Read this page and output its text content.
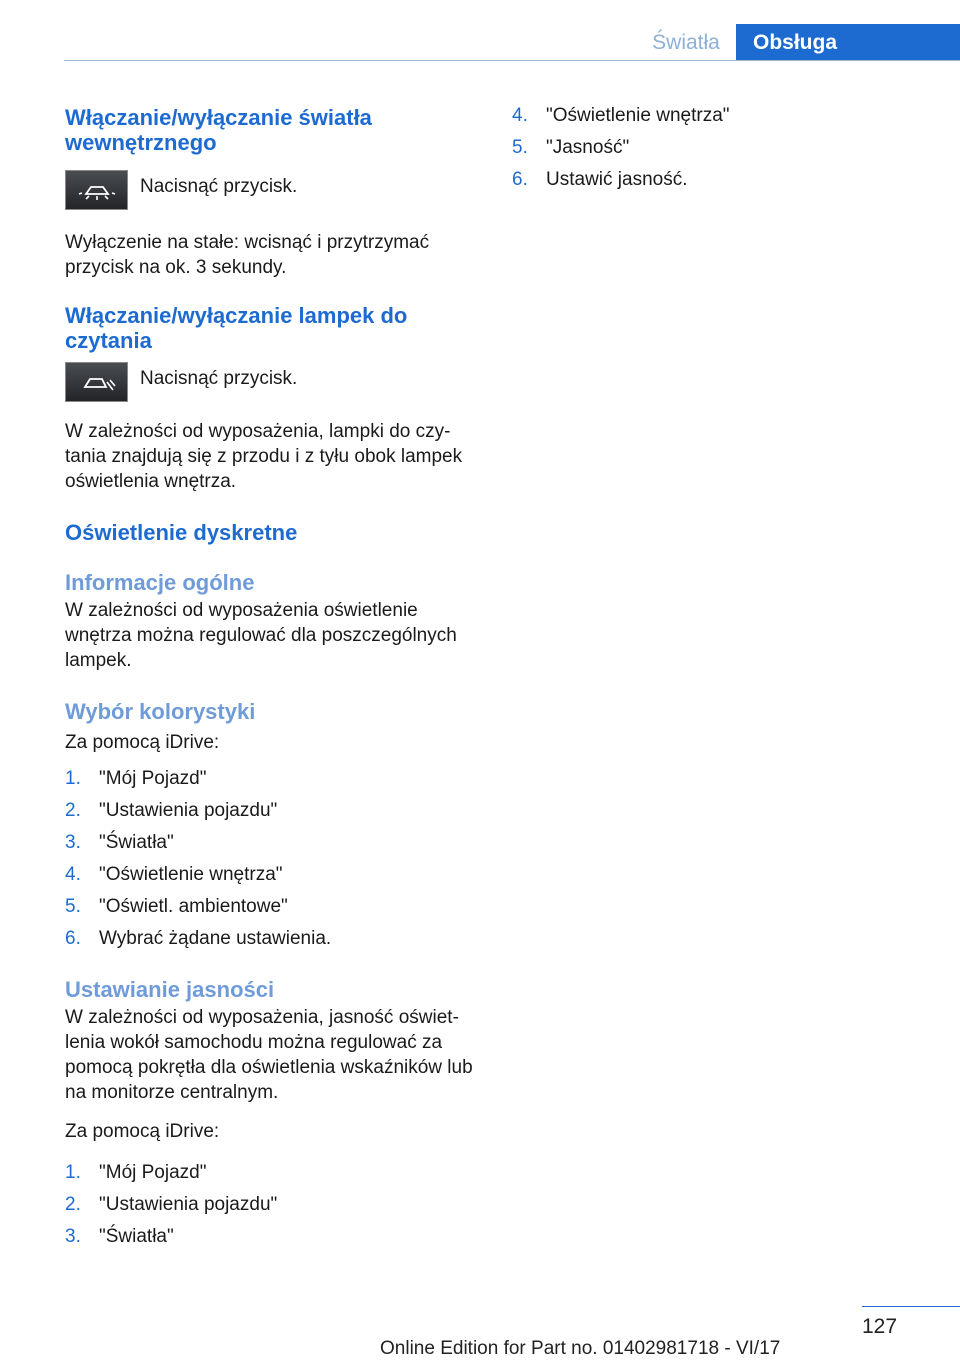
Światła	Obsługa
Włączanie/wyłączanie światła wewnętrznego

Nacisnąć przycisk.

Wyłączenie na stałe: wcisnąć i przytrzymać przycisk na ok. 3 sekundy.

Włączanie/wyłączanie lampek do czytania

Nacisnąć przycisk.

W zależności od wyposażenia, lampki do czy‐tania znajdują się z przodu i z tyłu obok lampek oświetlenia wnętrza.

Oświetlenie dyskretne
Informacje ogólne

W zależności od wyposażenia oświetlenie wnętrza można regulować dla poszczególnych lampek.

Wybór kolorystyki

Za pomocą iDrive:

1. "Mój Pojazd"
2. "Ustawienia pojazdu"
3. "Światła"
4. "Oświetlenie wnętrza"
5. "Oświetl. ambientowe"
6. Wybrać żądane ustawienia.
Ustawianie jasności

W zależności od wyposażenia, jasność oświet‐lenia wokół samochodu można regulować za pomocą pokrętła dla oświetlenia wskaźników lub na monitorze centralnym.

Za pomocą iDrive:

1. "Mój Pojazd"
2. "Ustawienia pojazdu"
3. "Światła"
4. "Oświetlenie wnętrza"
5. "Jasność"
6. Ustawić jasność.
127
Online Edition for Part no. 01402981718 - VI/17
